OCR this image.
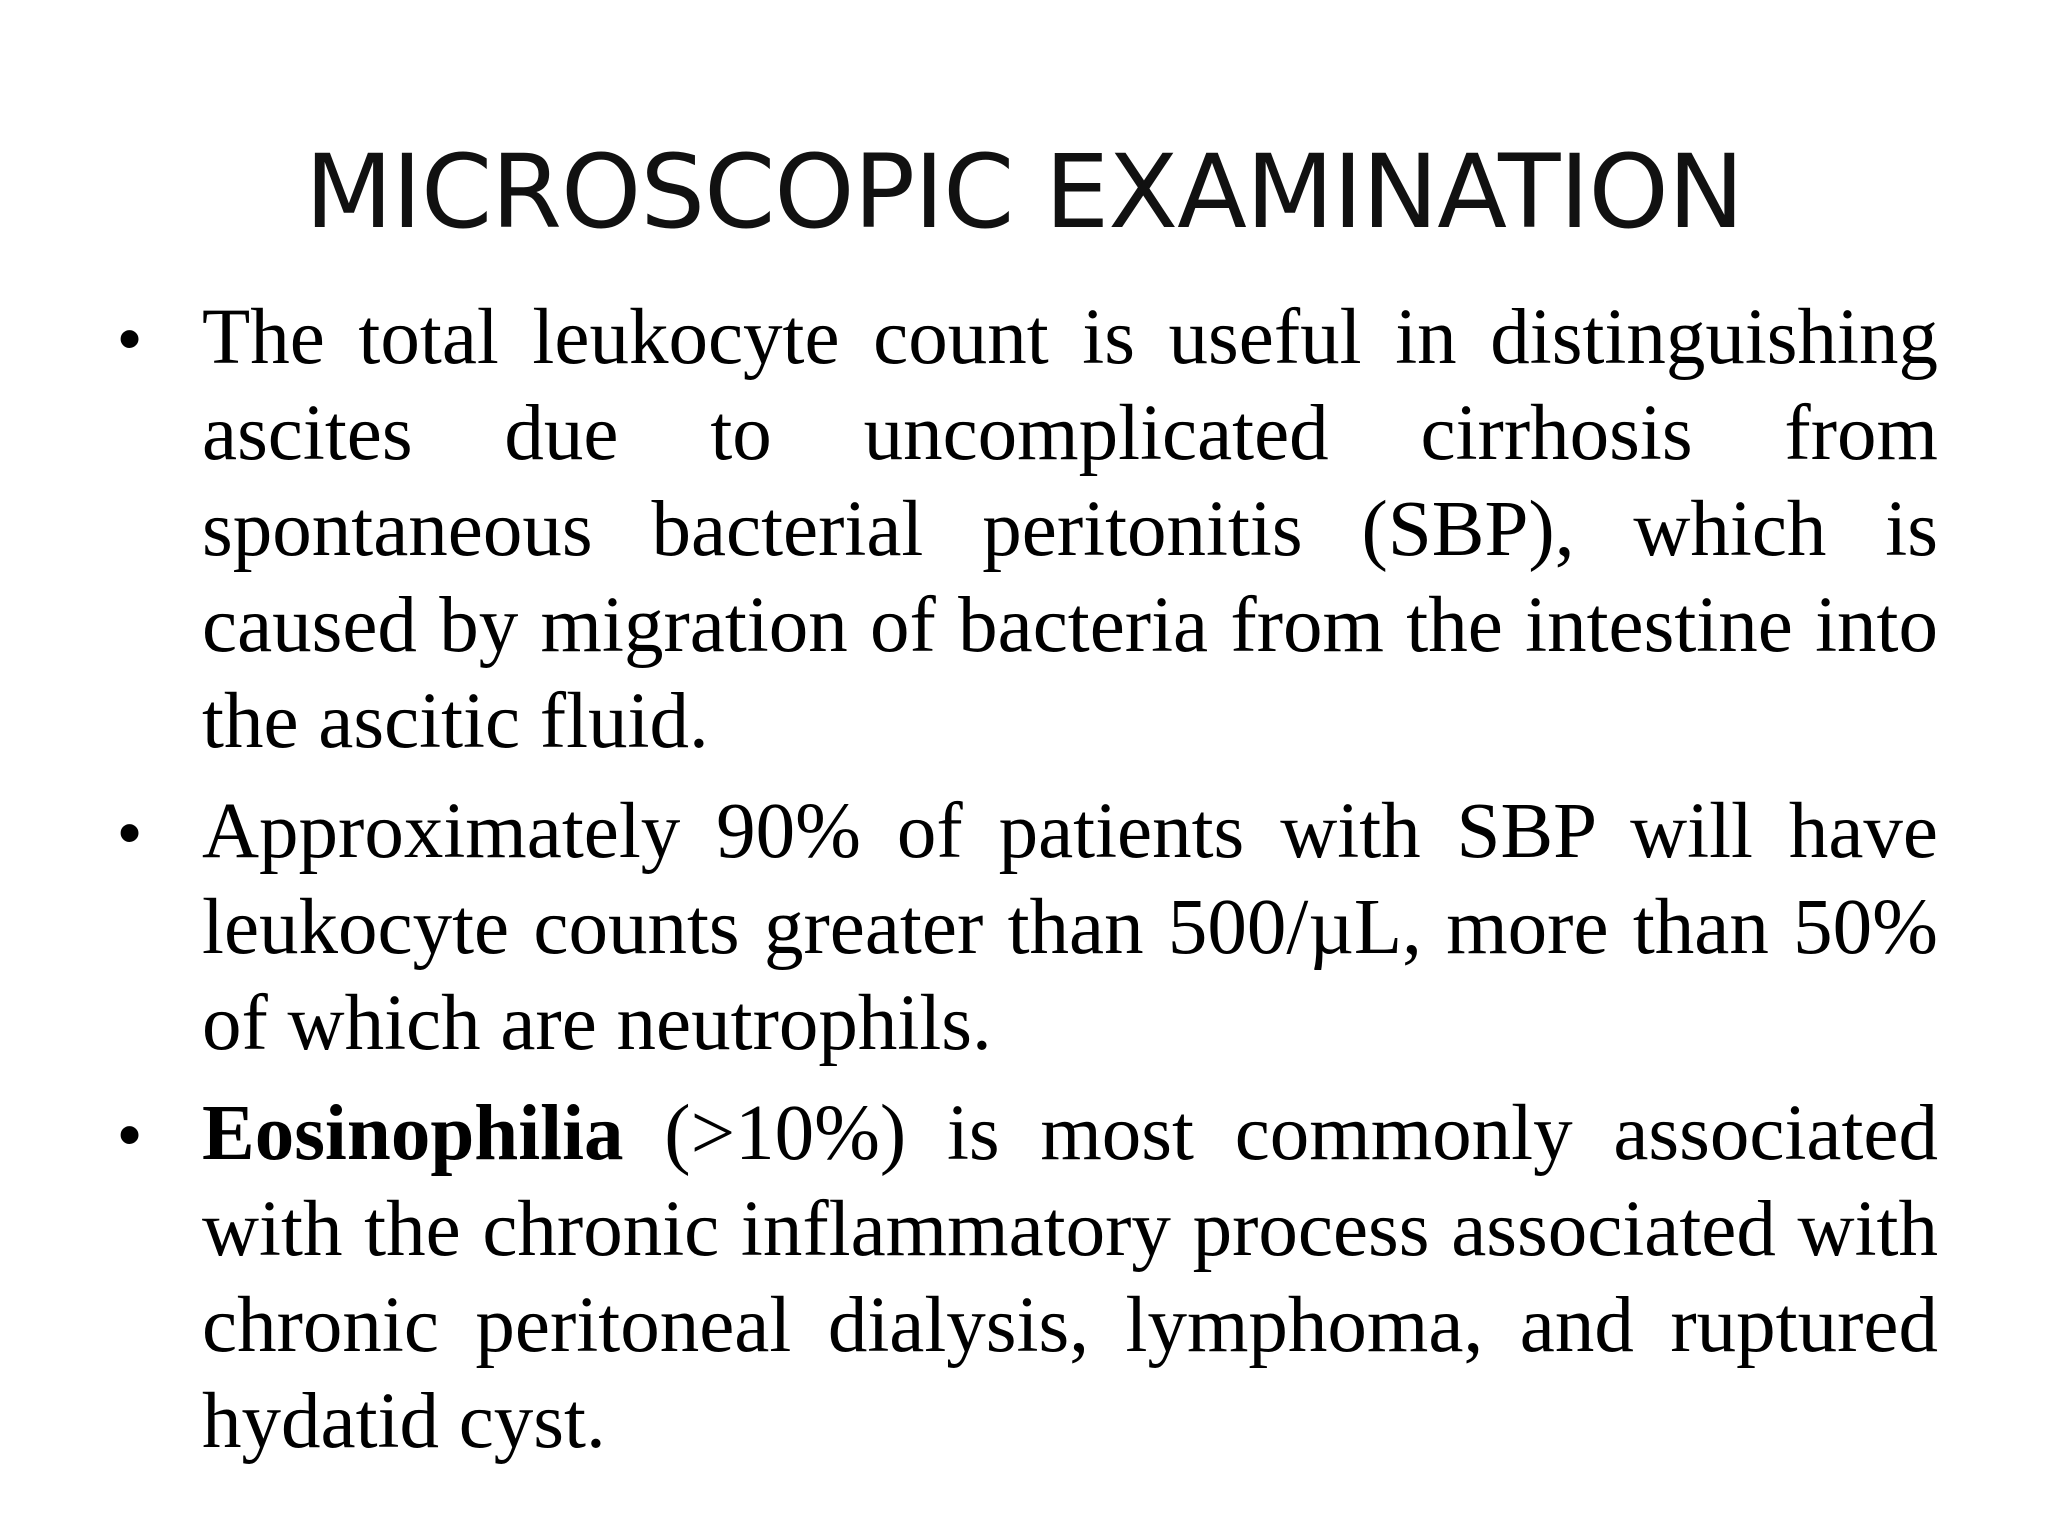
MICROSCOPIC EXAMINATION
• The total leukocyte count is useful in distinguishing ascites due to uncomplicated cirrhosis from spontaneous bacterial peritonitis (SBP), which is caused by migration of bacteria from the intestine into the ascitic fluid.
• Approximately 90% of patients with SBP will have leukocyte counts greater than 500/µL, more than 50% of which are neutrophils.
• Eosinophilia (>10%) is most commonly associated with the chronic inflammatory process associated with chronic peritoneal dialysis, lymphoma, and ruptured hydatid cyst.
